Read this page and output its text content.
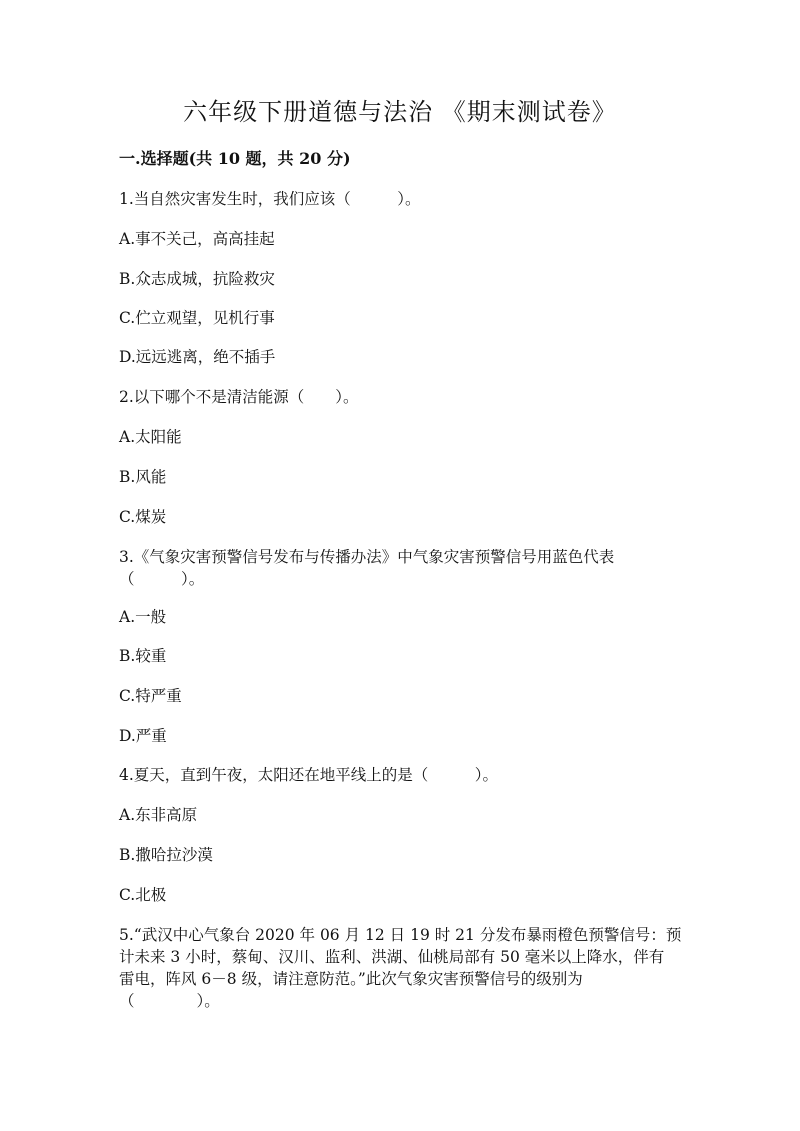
六年级下册道德与法治 《期末测试卷》
一.选择题(共 10 题，共 20 分)
1.当自然灾害发生时，我们应该（　　　）。
A.事不关己，高高挂起
B.众志成城，抗险救灾
C.伫立观望，见机行事
D.远远逃离，绝不插手
2.以下哪个不是清洁能源（　　）。
A.太阳能
B.风能
C.煤炭
3.《气象灾害预警信号发布与传播办法》中气象灾害预警信号用蓝色代表
（　　　）。
A.一般
B.较重
C.特严重
D.严重
4.夏天，直到午夜，太阳还在地平线上的是（　　　）。
A.东非高原
B.撒哈拉沙漠
C.北极
5.“武汉中心气象台 2020 年 06 月 12 日 19 时 21 分发布暴雨橙色预警信号：预
计未来 3 小时，蔡甸、汉川、监利、洪湖、仙桃局部有 50 毫米以上降水，伴有
雷电，阵风 6－8 级，请注意防范。”此次气象灾害预警信号的级别为
（　　　　）。
